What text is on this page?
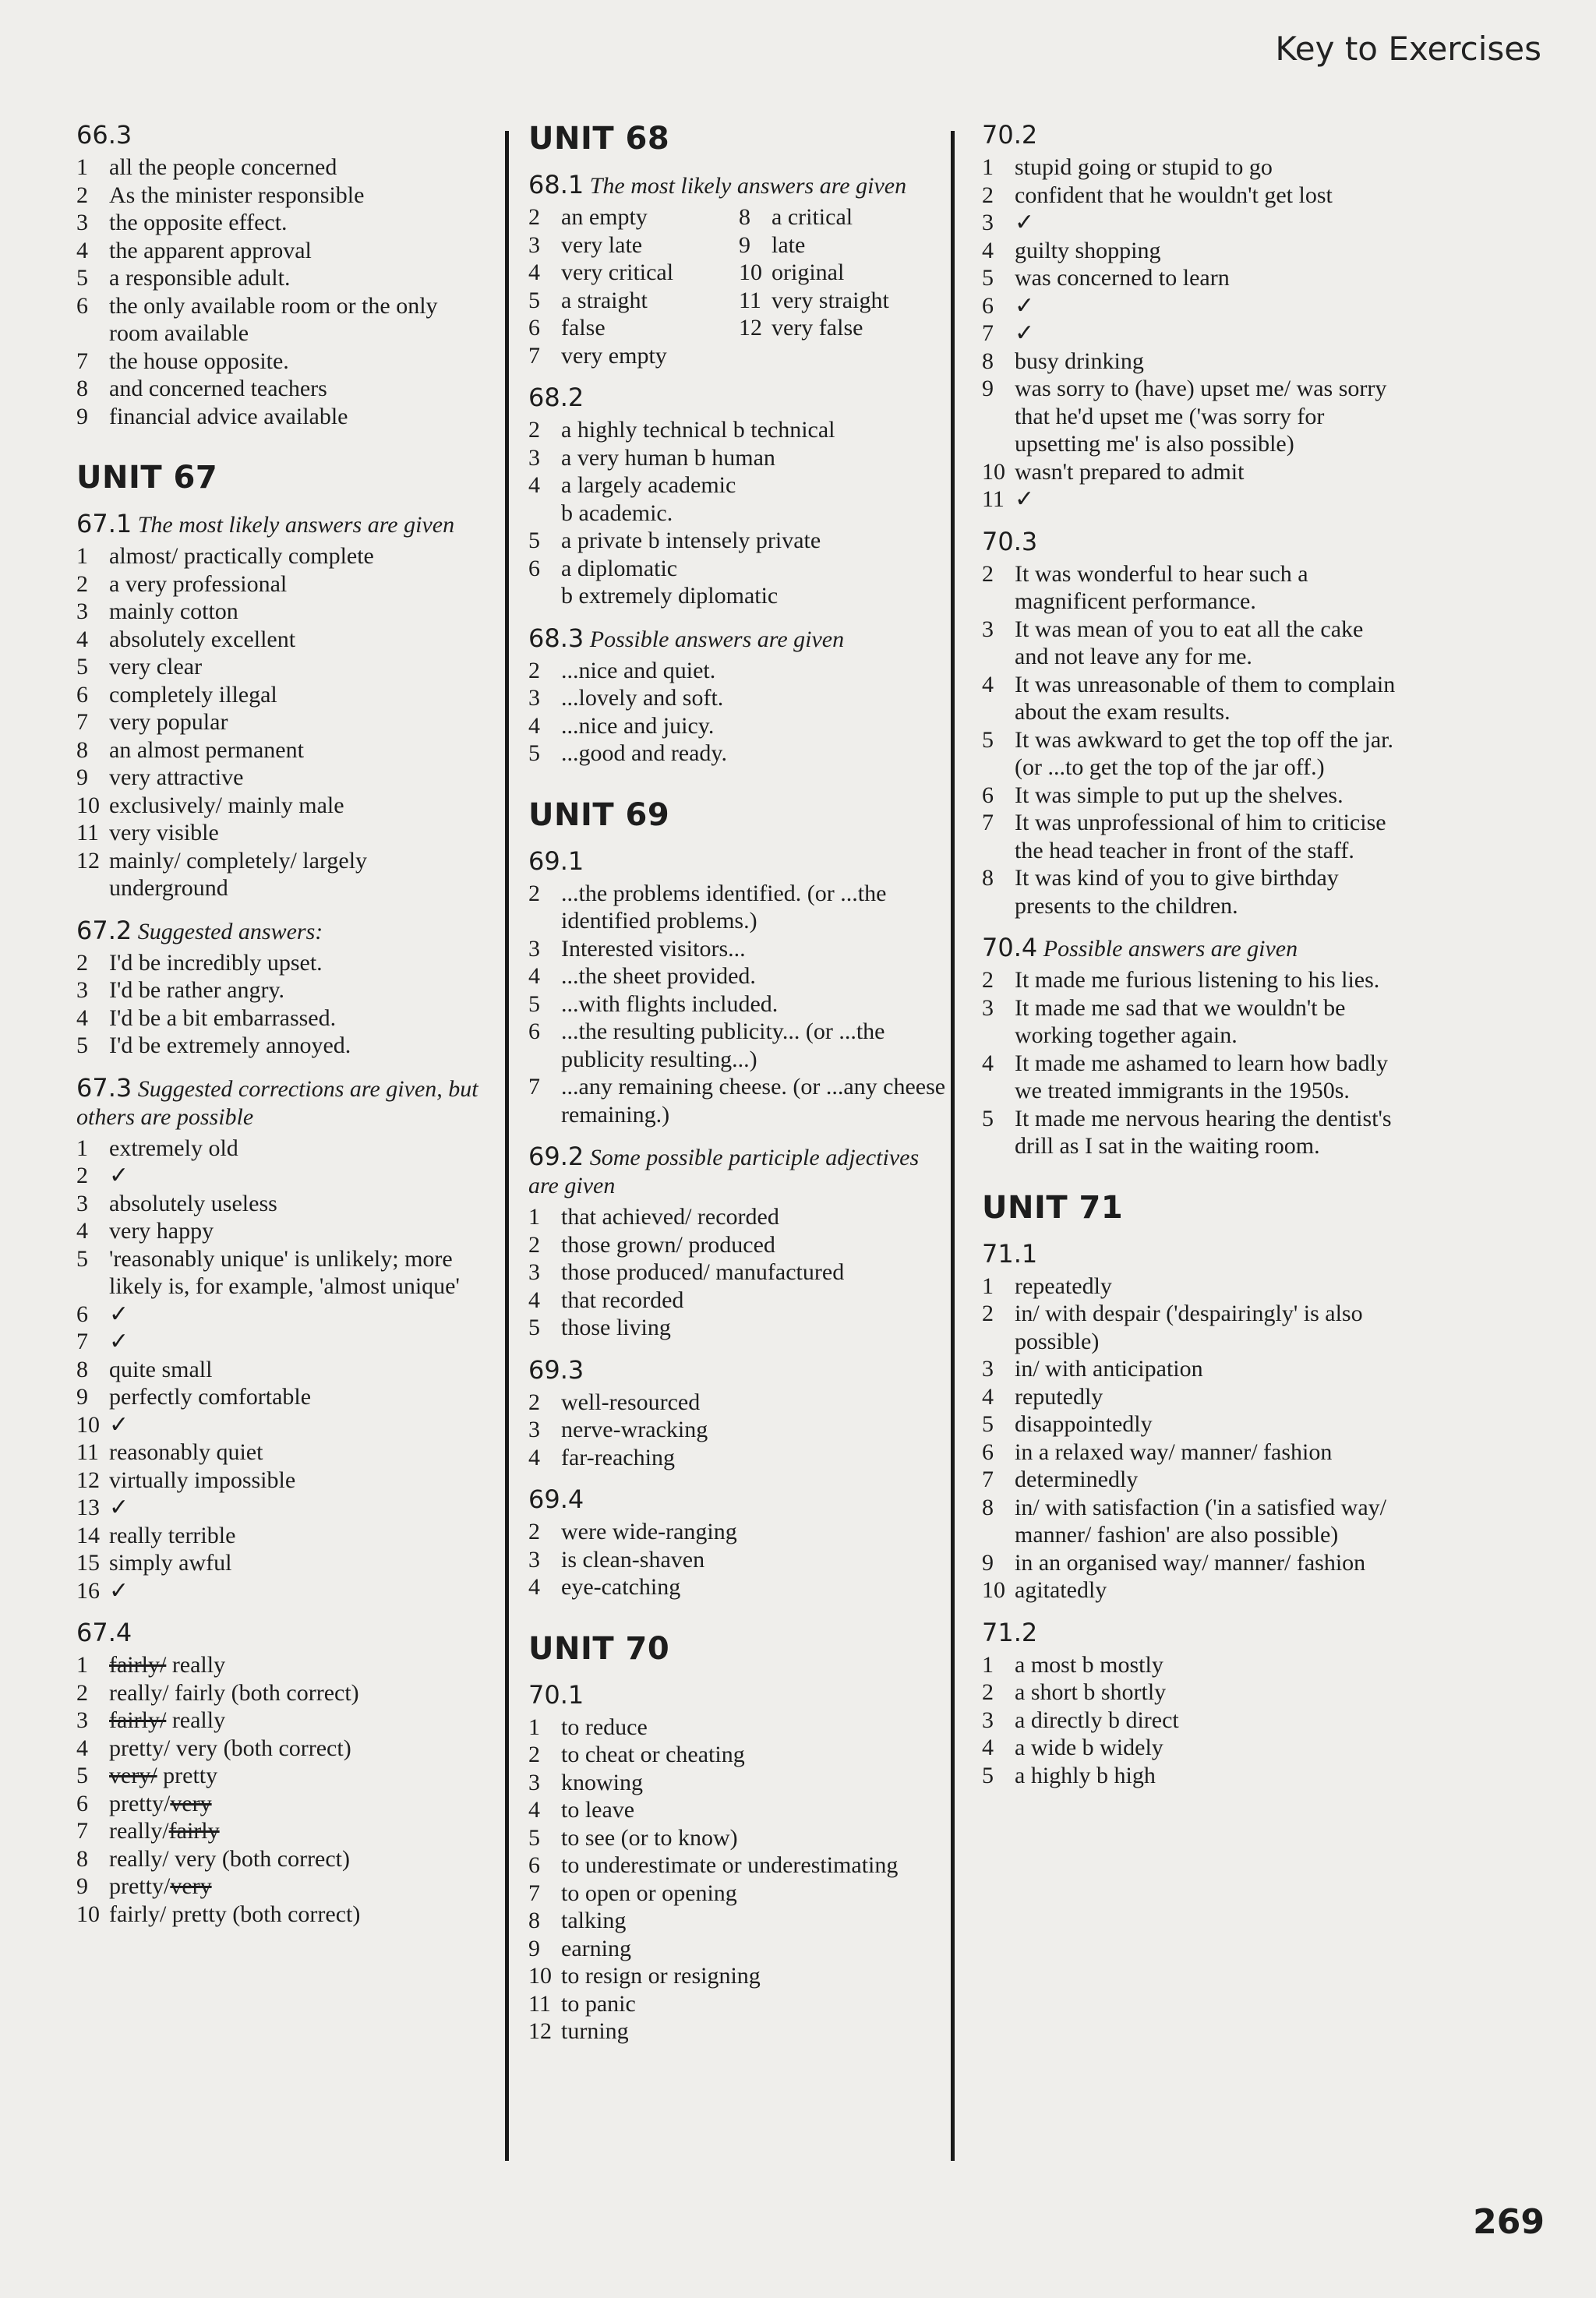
Key to Exercises
66.3
1 all the people concerned
2 As the minister responsible
3 the opposite effect.
4 the apparent approval
5 a responsible adult.
6 the only available room or the only room available
7 the house opposite.
8 and concerned teachers
9 financial advice available
UNIT 67
67.1 The most likely answers are given
1 almost/ practically complete
2 a very professional
3 mainly cotton
4 absolutely excellent
5 very clear
6 completely illegal
7 very popular
8 an almost permanent
9 very attractive
10 exclusively/ mainly male
11 very visible
12 mainly/ completely/ largely underground
67.2 Suggested answers:
2 I'd be incredibly upset.
3 I'd be rather angry.
4 I'd be a bit embarrassed.
5 I'd be extremely annoyed.
67.3 Suggested corrections are given, but others are possible
1 extremely old
2 ✓
3 absolutely useless
4 very happy
5 'reasonably unique' is unlikely; more likely is, for example, 'almost unique'
6 ✓
7 ✓
8 quite small
9 perfectly comfortable
10 ✓
11 reasonably quiet
12 virtually impossible
13 ✓
14 really terrible
15 simply awful
16 ✓
67.4
1 fairly/ really
2 really/ fairly (both correct)
3 fairly/ really
4 pretty/ very (both correct)
5 very/ pretty
6 pretty/very
7 really/fairly
8 really/ very (both correct)
9 pretty/very
10 fairly/ pretty (both correct)
UNIT 68
68.1 The most likely answers are given
2 an empty	8 a critical
3 very late	9 late
4 very critical	10 original
5 a straight	11 very straight
6 false	12 very false
7 very empty
68.2
2 a highly technical b technical
3 a very human b human
4 a largely academic
b academic.
5 a private b intensely private
6 a diplomatic
b extremely diplomatic
68.3 Possible answers are given
2 ...nice and quiet.
3 ...lovely and soft.
4 ...nice and juicy.
5 ...good and ready.
UNIT 69
69.1
2 ...the problems identified. (or ...the identified problems.)
3 Interested visitors...
4 ...the sheet provided.
5 ...with flights included.
6 ...the resulting publicity... (or ...the publicity resulting...)
7 ...any remaining cheese. (or ...any cheese remaining.)
69.2 Some possible participle adjectives are given
1 that achieved/ recorded
2 those grown/ produced
3 those produced/ manufactured
4 that recorded
5 those living
69.3
2 well-resourced
3 nerve-wracking
4 far-reaching
69.4
2 were wide-ranging
3 is clean-shaven
4 eye-catching
UNIT 70
70.1
1 to reduce
2 to cheat or cheating
3 knowing
4 to leave
5 to see (or to know)
6 to underestimate or underestimating
7 to open or opening
8 talking
9 earning
10 to resign or resigning
11 to panic
12 turning
70.2
1 stupid going or stupid to go
2 confident that he wouldn't get lost
3 ✓
4 guilty shopping
5 was concerned to learn
6 ✓
7 ✓
8 busy drinking
9 was sorry to (have) upset me/ was sorry that he'd upset me ('was sorry for upsetting me' is also possible)
10 wasn't prepared to admit
11 ✓
70.3
2 It was wonderful to hear such a magnificent performance.
3 It was mean of you to eat all the cake and not leave any for me.
4 It was unreasonable of them to complain about the exam results.
5 It was awkward to get the top off the jar. (or ...to get the top of the jar off.)
6 It was simple to put up the shelves.
7 It was unprofessional of him to criticise the head teacher in front of the staff.
8 It was kind of you to give birthday presents to the children.
70.4 Possible answers are given
2 It made me furious listening to his lies.
3 It made me sad that we wouldn't be working together again.
4 It made me ashamed to learn how badly we treated immigrants in the 1950s.
5 It made me nervous hearing the dentist's drill as I sat in the waiting room.
UNIT 71
71.1
1 repeatedly
2 in/ with despair ('despairingly' is also possible)
3 in/ with anticipation
4 reputedly
5 disappointedly
6 in a relaxed way/ manner/ fashion
7 determinedly
8 in/ with satisfaction ('in a satisfied way/ manner/ fashion' are also possible)
9 in an organised way/ manner/ fashion
10 agitatedly
71.2
1 a most b mostly
2 a short b shortly
3 a directly b direct
4 a wide b widely
5 a highly b high
269
